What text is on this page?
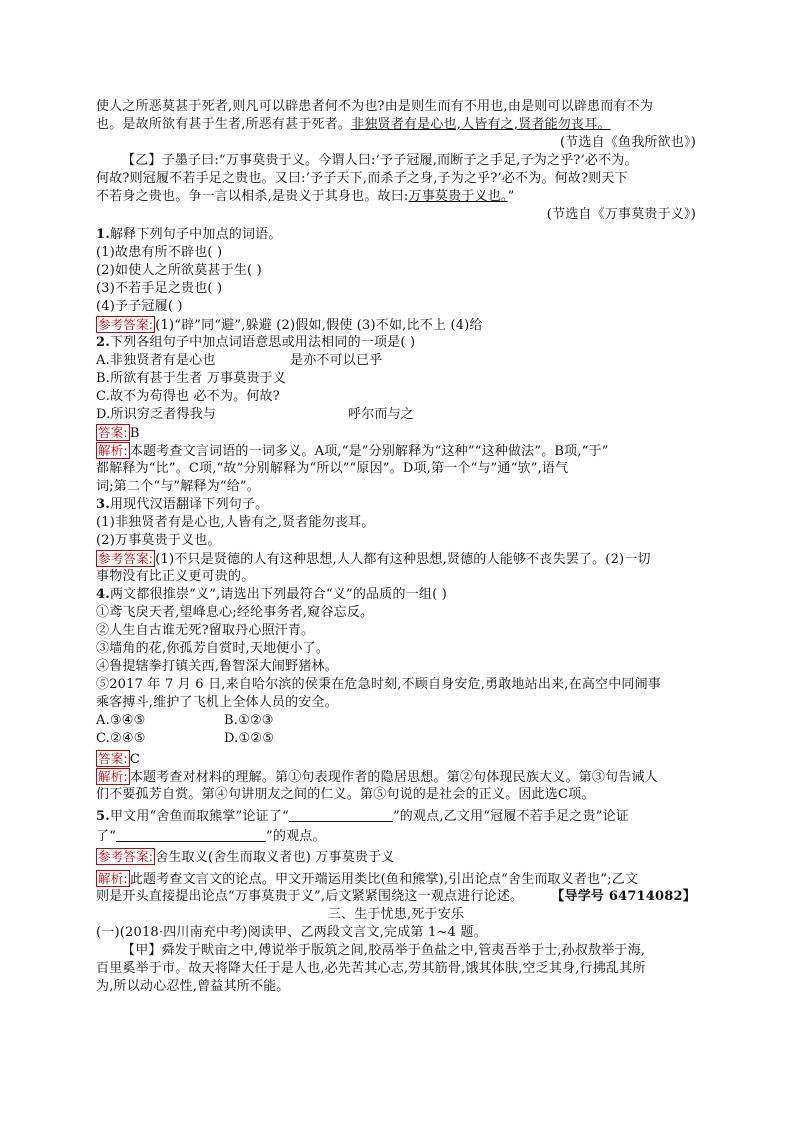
使人之所恶莫甚于死者,则凡可以辟患者何不为也?由是则生而有不用也,由是则可以辟患而有不为
也。是故所欲有甚于生者,所恶有甚于死者。非独贤者有是心也,人皆有之,贤者能勿丧耳。
(节选自《鱼我所欲也》)
【乙】子墨子曰:“万事莫贵于义。今谓人曰:‘予子冠履,而断子之手足,子为之乎?’必不为。
何故?则冠履不若手足之贵也。又曰:‘予子天下,而杀子之身,子为之乎?’必不为。何故?则天下
不若身之贵也。争一言以相杀,是贵义于其身也。故曰:万事莫贵于义也。”
(节选自《万事莫贵于义》)
1.解释下列句子中加点的词语。
(1)故患有所不辟也( )
(2)如使人之所欲莫甚于生( )
(3)不若手足之贵也( )
(4)予子冠履( )
参考答案: (1)“辟”同“避”,躲避 (2)假如,假使 (3)不如,比不上 (4)给
2.下列各组句子中加点词语意思或用法相同的一项是( )
A.非独贤者有是心也	是亦不可以已乎
B.所欲有甚于生者 万事莫贵于义
C.故不为苟得也 必不为。何故?
D.所识穷乏者得我与	呼尔而与之
答案: B
解析: 本题考查文言词语的一词多义。A项,“是”分别解释为“这种”“这种做法”。B项,“于”
都解释为“比”。C项,“故”分别解释为“所以”“原因”。D项,第一个“与”通“欤”,语气
词;第二个“与”解释为“给”。
3.用现代汉语翻译下列句子。
(1)非独贤者有是心也,人皆有之,贤者能勿丧耳。
(2)万事莫贵于义也。
参考答案: (1)不只是贤德的人有这种思想,人人都有这种思想,贤德的人能够不丧失罢了。(2)一切
事物没有比正义更可贵的。
4.两文都很推崇“义”,请选出下列最符合“义”的品质的一组( )
①鸢飞戾天者,望峰息心;经纶事务者,窥谷忘反。
②人生自古谁无死?留取丹心照汗青。
③墙角的花,你孤芳自赏时,天地便小了。
④鲁提辖拳打镇关西,鲁智深大闹野猪林。
⑤2017 年 7 月 6 日,来自哈尔滨的侯秉在危急时刻,不顾自身安危,勇敢地站出来,在高空中同闹事
乘客搏斗,维护了飞机上全体人员的安全。
A.③④⑤	B.①②③
C.②④⑤	D.①②⑤
答案: C
解析: 本题考查对材料的理解。第①句表现作者的隐居思想。第②句体现民族大义。第③句告诫人
们不要孤芳自赏。第④句讲朋友之间的仁义。第⑤句说的是社会的正义。因此选C项。
5.甲文用“舍鱼而取熊掌”论证了“	”的观点,乙文用“冠履不若手足之贵”论证
了“	”的观点。
参考答案: 舍生取义(舍生而取义者也) 万事莫贵于义
解析: 此题考查文言文的论点。甲文开端运用类比(鱼和熊掌),引出论点“舍生而取义者也”;乙文
则是开头直接提出论点“万事莫贵于义”,后文紧紧围绕这一观点进行论述。 【导学号 64714082】
三、生于忧患,死于安乐
(一)(2018·四川南充中考)阅读甲、乙两段文言文,完成第 1~4 题。
【甲】舜发于畎亩之中,傅说举于版筑之间,胶鬲举于鱼盐之中,管夷吾举于士,孙叔敖举于海,
百里奚举于市。故天将降大任于是人也,必先苦其心志,劳其筋骨,饿其体肤,空乏其身,行拂乱其所
为,所以动心忍性,曾益其所不能。
